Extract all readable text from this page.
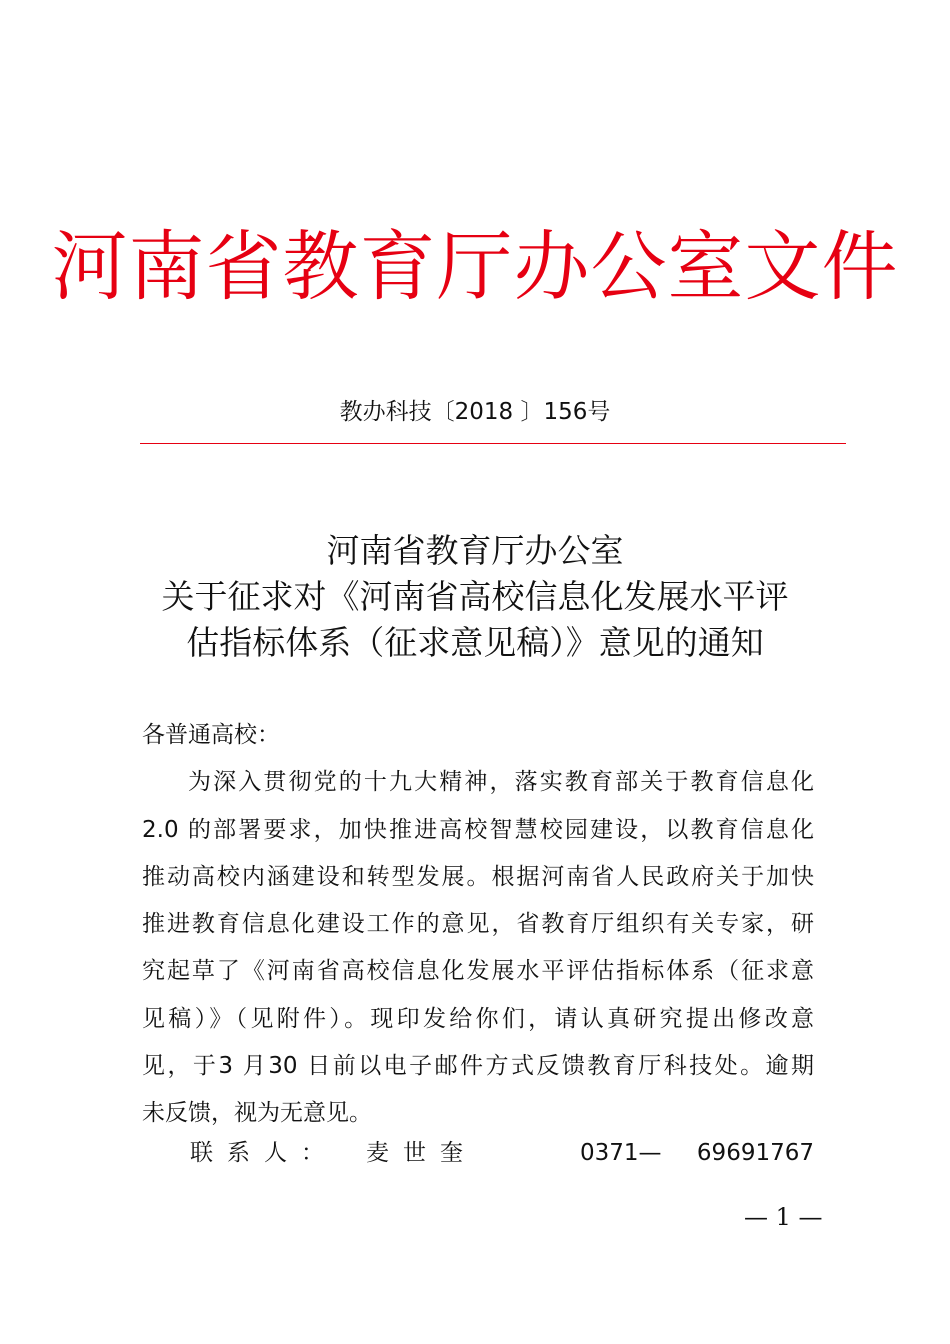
河南省教育厅办公室文件
教办科技〔2018 〕156号
河南省教育厅办公室
关于征求对《河南省高校信息化发展水平评
估指标体系（征求意见稿）》意见的通知
各普通高校：
为深入贯彻党的十九大精神，落实教育部关于教育信息化
2.0 的部署要求，加快推进高校智慧校园建设，以教育信息化
推动高校内涵建设和转型发展。根据河南省人民政府关于加快
推进教育信息化建设工作的意见，省教育厅组织有关专家，研
究起草了《河南省高校信息化发展水平评估指标体系（征求意
见稿）》（见附件）。现印发给你们，请认真研究提出修改意
见，于3 月30 日前以电子邮件方式反馈教育厅科技处。逾期
未反馈，视为无意见。
联系人： 麦世奎	0371— 69691767
— 1 —
